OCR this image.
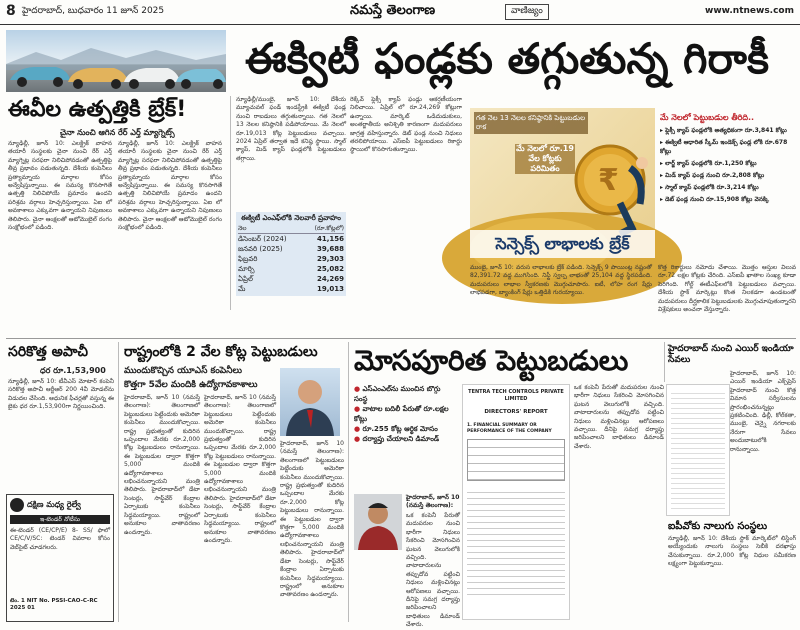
8 హైదరాబాద్, బుధవారం 11 జూన్ 2025	నమస్తే తెలంగాణ	వాణిజ్యం	www.ntnews.com
ఈక్విటీ ఫండ్లకు తగ్గుతున్న గిరాకీ
ఈవీల ఉత్పత్తికి బ్రేక్!
చైనా నుంచి ఆగిన రేర్ ఎర్త్ మ్యాగ్నెట్స్
న్యూఢిల్లీ, జూన్ 10: ఎలక్ట్రిక్ వాహన తయారీ సంస్థలకు చైనా నుంచి రేర్ ఎర్త్ మ్యాగ్నెట్ల సరఫరా నిలిచిపోవడంతో ఉత్పత్తిపై తీవ్ర ప్రభావం పడుతున్నది. దేశీయ కంపెనీలు ప్రత్యామ్నాయ మార్గాల కోసం అన్వేషిస్తున్నాయి. ఈ సమస్య కొనసాగితే ఉత్పత్తి నిలిచిపోయే ప్రమాదం ఉందని పరిశ్రమ వర్గాలు హెచ్చరిస్తున్నాయి. ఏఐ లో అవకాశాలు ఎక్కువగా ఉన్నాయని నిపుణులు తెలిపారు. చైనా ఆంక్షలతో ఆటోమొబైల్ రంగం సంక్షోభంలో పడింది.
న్యూఢిల్లీ, జూన్ 10: ఎలక్ట్రిక్ వాహన తయారీ సంస్థలకు చైనా నుంచి రేర్ ఎర్త్ మ్యాగ్నెట్ల సరఫరా నిలిచిపోవడంతో ఉత్పత్తిపై తీవ్ర ప్రభావం పడుతున్నది. దేశీయ కంపెనీలు ప్రత్యామ్నాయ మార్గాల కోసం అన్వేషిస్తున్నాయి. ఈ సమస్య కొనసాగితే ఉత్పత్తి నిలిచిపోయే ప్రమాదం ఉందని పరిశ్రమ వర్గాలు హెచ్చరిస్తున్నాయి. ఏఐ లో అవకాశాలు ఎక్కువగా ఉన్నాయని నిపుణులు తెలిపారు. చైనా ఆంక్షలతో ఆటోమొబైల్ రంగం సంక్షోభంలో పడింది.
న్యూఢిల్లీ/ముంబై, జూన్ 10: దేశీయ మ్యూచువల్ ఫండ్ ఇండస్ట్రీకి ఈక్విటీ ఫండ్ల నుంచి రాబడులు తగ్గుతున్నాయి. గత నెలలో 13 నెలల కనిష్ఠానికి పడిపోయాయి. మే నెలలో రూ.19,013 కోట్ల పెట్టుబడులు వచ్చాయి. 2024 ఏప్రిల్ తర్వాత ఇదే కనిష్ఠ స్థాయి. స్మాల్ క్యాప్, మిడ్ క్యాప్ ఫండ్లలోకి పెట్టుబడులు తగ్గాయి.
రెక్కేవ్ ఫ్లెక్సీ క్యాప్ ఫండ్లు ఆకర్షణీయంగా నిలిచాయి. ఏప్రిల్ లో రూ.24,269 కోట్లుగా ఉన్నాయి. మార్కెట్ ఒడిదుడుకులు, అంతర్జాతీయ అనిశ్చితి కారణంగా మదుపరులు జాగ్రత్త వహిస్తున్నారు. డెట్ ఫండ్ల నుంచి నిధులు తరలిపోయాయి. ఎస్ఐపీ పెట్టుబడులు రికార్డు స్థాయిలో కొనసాగుతున్నాయి.
ఈక్విటీ ఎంఎఫ్‌లోకి నెలవారీ ప్రవాహం
నెల	(రూ.కోట్లలో)
డిసెంబర్ (2024)	41,156
జనవరి (2025)	39,688
ఫిబ్రవరి	29,303
మార్చి	25,082
ఏప్రిల్	24,269
మే	19,013
గత నెల 13 నెలల కనిష్ఠానికి పెట్టుబడుల రాక
మే నెలలో రూ.19 వేల కోట్లకు పరిమితం	₹
సెన్సెక్స్ లాభాలకు బ్రేక్
మే నెలలో పెట్టుబడుల తీరిది..
▸ ఫ్లెక్సీ క్యాప్ ఫండ్లలోకి అత్యధికంగా రూ.3,841 కోట్లు
▸ ఈక్విటీ ఆధారిత స్కీమ్ ఇండెక్స్ ఫండ్ల లోకి రూ.678 కోట్లు
▸ లార్జ్ క్యాప్ ఫండ్లలోకి రూ.1,250 కోట్లు
▸ మిడ్ క్యాప్ ఫండ్ల నుంచి రూ.2,808 కోట్లు
▸ స్మాల్ క్యాప్ ఫండ్లలోకి రూ.3,214 కోట్లు
▸ డెట్ ఫండ్ల నుంచి రూ.15,908 కోట్లు వెనక్కి
ముంబై, జూన్ 10: వరుస లాభాలకు బ్రేక్ పడింది. సెన్సెక్స్ 9 పాయింట్ల నష్టంతో 82,391.72 వద్ద ముగిసింది. నిఫ్టీ స్వల్ప లాభంతో 25,104 వద్ద స్థిరపడింది. మదుపరులు లాభాల స్వీకరణకు మొగ్గుచూపారు. ఐటీ, లోహ రంగ షేర్లు లాభపడగా, బ్యాంకింగ్ షేర్లు ఒత్తిడికి గురయ్యాయి.
కొత్త రికార్డులు నమోదు చేశాయి. మొత్తం ఆస్తుల విలువ రూ.72 లక్షల కోట్లకు చేరింది. ఎస్ఐపీ ఖాతాల సంఖ్య కూడా పెరిగింది. గోల్డ్ ఈటీఎఫ్‌లలోకి పెట్టుబడులు వచ్చాయి. దేశీయ స్టాక్ మార్కెట్లు కొంత నిలకడగా ఉండటంతో మదుపరులు దీర్ఘకాలిక పెట్టుబడులకు మొగ్గుచూపుతున్నారని విశ్లేషకులు అంచనా వేస్తున్నారు.
సరికొత్త అపాచీ
ధర రూ.1,53,900
న్యూఢిల్లీ, జూన్ 10: టీవీఎస్ మోటార్ కంపెనీ సరికొత్త అపాచీ ఆర్టీఆర్ 200 4వీ మోడల్‌ను విడుదల చేసింది. ఆధునిక ఫీచర్లతో వస్తున్న ఈ బైకు ధర రూ.1,53,900గా నిర్ణయించింది.
దక్షిణ మధ్య రైల్వే
ఇ-టెండర్ నోటీసు
ఈ-టెండర్ (CE/CP/E) 8- SS/ ఫాలో CE/C/V/SC: టెండర్ వివరాల కోసం వెబ్‌సైట్ చూడగలరు.
టెం. 1 NIT No. PSSI-CAO-C-RC 2025 01
రాష్ట్రంలోకి 2 వేల కోట్ల పెట్టుబడులు
ముందుకొచ్చిన యూఎస్ కంపెనీలు
కొత్తగా 5వేల మందికి ఉద్యోగావకాశాలు
హైదరాబాద్, జూన్ 10 (నమస్తే తెలంగాణ): తెలంగాణలో పెట్టుబడులు పెట్టేందుకు అమెరికా కంపెనీలు ముందుకొచ్చాయి. రాష్ట్ర ప్రభుత్వంతో కుదిరిన ఒప్పందాల మేరకు రూ.2,000 కోట్ల పెట్టుబడులు రానున్నాయి. ఈ పెట్టుబడుల ద్వారా కొత్తగా 5,000 మందికి ఉద్యోగావకాశాలు లభించనున్నాయని మంత్రి తెలిపారు. హైదరాబాద్‌లో డేటా సెంటర్లు, సాఫ్ట్‌వేర్ కేంద్రాల ఏర్పాటుకు కంపెనీలు సిద్ధమయ్యాయి. రాష్ట్రంలో అనుకూల వాతావరణం ఉందన్నారు.
హైదరాబాద్, జూన్ 10 (నమస్తే తెలంగాణ): తెలంగాణలో పెట్టుబడులు పెట్టేందుకు అమెరికా కంపెనీలు ముందుకొచ్చాయి. రాష్ట్ర ప్రభుత్వంతో కుదిరిన ఒప్పందాల మేరకు రూ.2,000 కోట్ల పెట్టుబడులు రానున్నాయి. ఈ పెట్టుబడుల ద్వారా కొత్తగా 5,000 మందికి ఉద్యోగావకాశాలు లభించనున్నాయని మంత్రి తెలిపారు. హైదరాబాద్‌లో డేటా సెంటర్లు, సాఫ్ట్‌వేర్ కేంద్రాల ఏర్పాటుకు కంపెనీలు సిద్ధమయ్యాయి. రాష్ట్రంలో అనుకూల వాతావరణం ఉందన్నారు.
హైదరాబాద్, జూన్ 10 (నమస్తే తెలంగాణ): తెలంగాణలో పెట్టుబడులు పెట్టేందుకు అమెరికా కంపెనీలు ముందుకొచ్చాయి. రాష్ట్ర ప్రభుత్వంతో కుదిరిన ఒప్పందాల మేరకు రూ.2,000 కోట్ల పెట్టుబడులు రానున్నాయి. ఈ పెట్టుబడుల ద్వారా కొత్తగా 5,000 మందికి ఉద్యోగావకాశాలు లభించనున్నాయని మంత్రి తెలిపారు. హైదరాబాద్‌లో డేటా సెంటర్లు, సాఫ్ట్‌వేర్ కేంద్రాల ఏర్పాటుకు కంపెనీలు సిద్ధమయ్యాయి. రాష్ట్రంలో అనుకూల వాతావరణం ఉందన్నారు.
మోసపూరిత పెట్టుబడులు
● ఎస్ఎంఎల్‌ను ముంచిన బొగ్గు సంస్థ
● వాటాల బదిలీ పేరుతో రూ.లక్షల కోట్లు
● రూ.255 కోట్ల ఆర్థిక మోసం
● దర్యాప్తు చేయాలని డిమాండ్
హైదరాబాద్, జూన్ 10 (నమస్తే తెలంగాణ):
ఒక కంపెనీ పేరుతో మదుపరుల నుంచి భారీగా నిధులు సేకరించి మోసగించిన ఘటన వెలుగులోకి వచ్చింది. వాటాదారులను తప్పుదోవ పట్టించి నిధులు మళ్లించినట్లు ఆరోపణలు వచ్చాయి. దీనిపై సమగ్ర దర్యాప్తు జరిపించాలని బాధితులు డిమాండ్ చేశారు.
TENTRA TECH CONTROLS PRIVATE LIMITED
DIRECTORS' REPORT
1. FINANCIAL SUMMARY OR PERFORMANCE OF THE COMPANY
ఒక కంపెనీ పేరుతో మదుపరుల నుంచి భారీగా నిధులు సేకరించి మోసగించిన ఘటన వెలుగులోకి వచ్చింది. వాటాదారులను తప్పుదోవ పట్టించి నిధులు మళ్లించినట్లు ఆరోపణలు వచ్చాయి. దీనిపై సమగ్ర దర్యాప్తు జరిపించాలని బాధితులు డిమాండ్ చేశారు.
హైదరాబాద్ నుంచి ఎయిర్ ఇండియా సేవలు
హైదరాబాద్, జూన్ 10: ఎయిర్ ఇండియా ఎక్స్‌ప్రెస్ హైదరాబాద్ నుంచి కొత్త విమాన సర్వీసులను ప్రారంభించనున్నట్లు ప్రకటించింది. ఢిల్లీ, కోల్‌కతా, ముంబై, చెన్నై నగరాలకు నేరుగా సేవలు అందుబాటులోకి రానున్నాయి.
ఐపీవోకు నాలుగు సంస్థలు
న్యూఢిల్లీ, జూన్ 10: దేశీయ స్టాక్ మార్కెట్‌లో లిస్టింగ్ అయ్యేందుకు నాలుగు సంస్థలు సెబీకి దరఖాస్తు చేసుకున్నాయి. రూ.2,000 కోట్ల నిధుల సమీకరణ లక్ష్యంగా పెట్టుకున్నాయి.
